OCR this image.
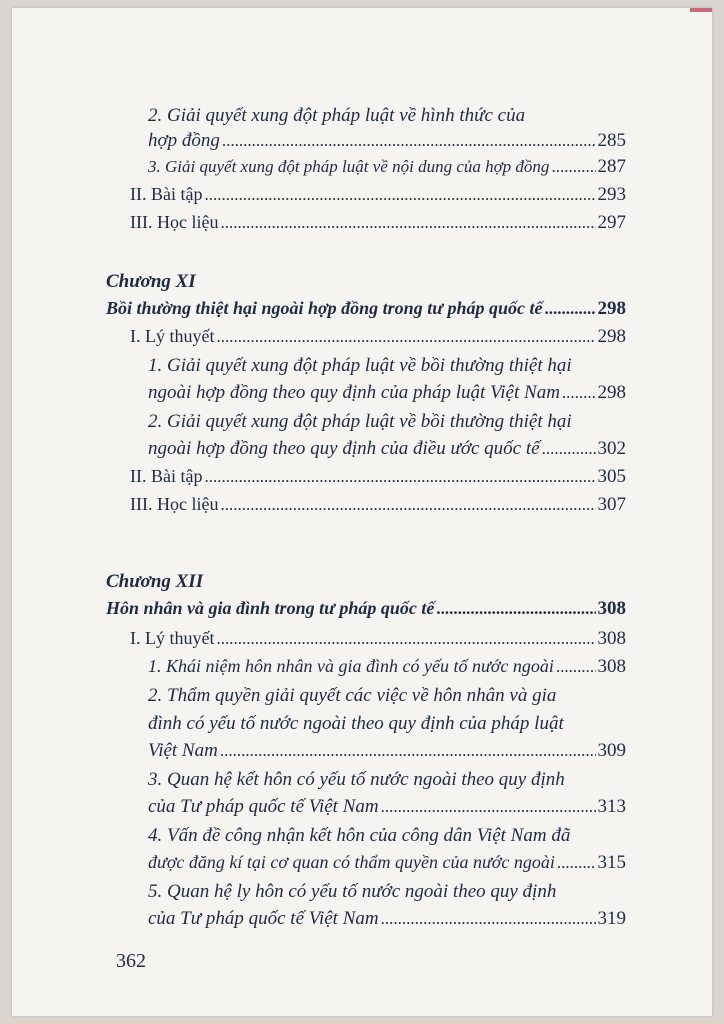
2. Giải quyết xung đột pháp luật về hình thức của
hợp đồng .....	285
3. Giải quyết xung đột pháp luật về nội dung của hợp đồng .....	287
II. Bài tập .....	293
III. Học liệu .....	297
Chương XI
Bồi thường thiệt hại ngoài hợp đồng trong tư pháp quốc tế .....	298
I. Lý thuyết .....	298
1. Giải quyết xung đột pháp luật về bồi thường thiệt hại
ngoài hợp đồng theo quy định của pháp luật Việt Nam ..... 298
2. Giải quyết xung đột pháp luật về bồi thường thiệt hại
ngoài hợp đồng theo quy định của điều ước quốc tế .....	302
II. Bài tập .....	305
III. Học liệu .....	307
Chương XII
Hôn nhân và gia đình trong tư pháp quốc tế .....	308
I. Lý thuyết .....	308
1. Khái niệm hôn nhân và gia đình có yếu tố nước ngoài ..... 308
2. Thẩm quyền giải quyết các việc về hôn nhân và gia
đình có yếu tố nước ngoài theo quy định của pháp luật
Việt Nam .....	309
3. Quan hệ kết hôn có yếu tố nước ngoài theo quy định
của Tư pháp quốc tế Việt Nam .....	313
4. Vấn đề công nhận kết hôn của công dân Việt Nam đã
được đăng kí tại cơ quan có thẩm quyền của nước ngoài ..... 315
5. Quan hệ ly hôn có yếu tố nước ngoài theo quy định
của Tư pháp quốc tế Việt Nam .....	319
362
